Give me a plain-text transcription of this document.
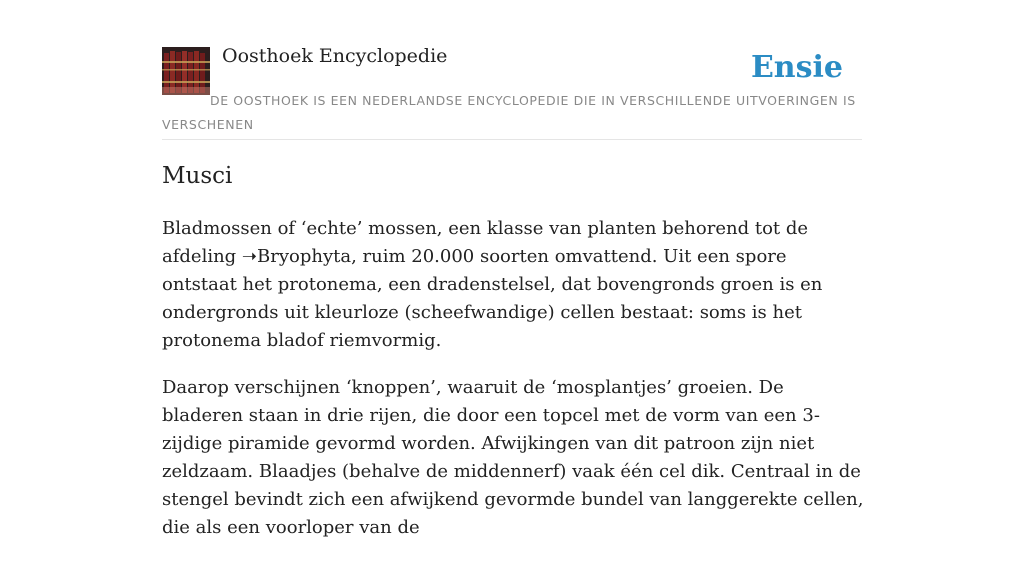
Oosthoek Encyclopedie	Ensie

DE OOSTHOEK IS EEN NEDERLANDSE ENCYCLOPEDIE DIE IN VERSCHILLENDE UITVOERINGEN IS VERSCHENEN

Musci

Bladmossen of ‘echte’ mossen, een klasse van planten behorend tot de afdeling ➝Bryophyta, ruim 20.000 soorten omvattend. Uit een spore ontstaat het protonema, een dradenstelsel, dat bovengronds groen is en ondergronds uit kleurloze (scheefwandige) cellen bestaat: soms is het protonema bladof riemvormig.

Daarop verschijnen ‘knoppen’, waaruit de ‘mosplantjes’ groeien. De bladeren staan in drie rijen, die door een topcel met de vorm van een 3-zijdige piramide gevormd worden. Afwijkingen van dit patroon zijn niet zeldzaam. Blaadjes (behalve de middennerf) vaak één cel dik. Centraal in de stengel bevindt zich een afwijkend gevormde bundel van langgerekte cellen, die als een voorloper van de
